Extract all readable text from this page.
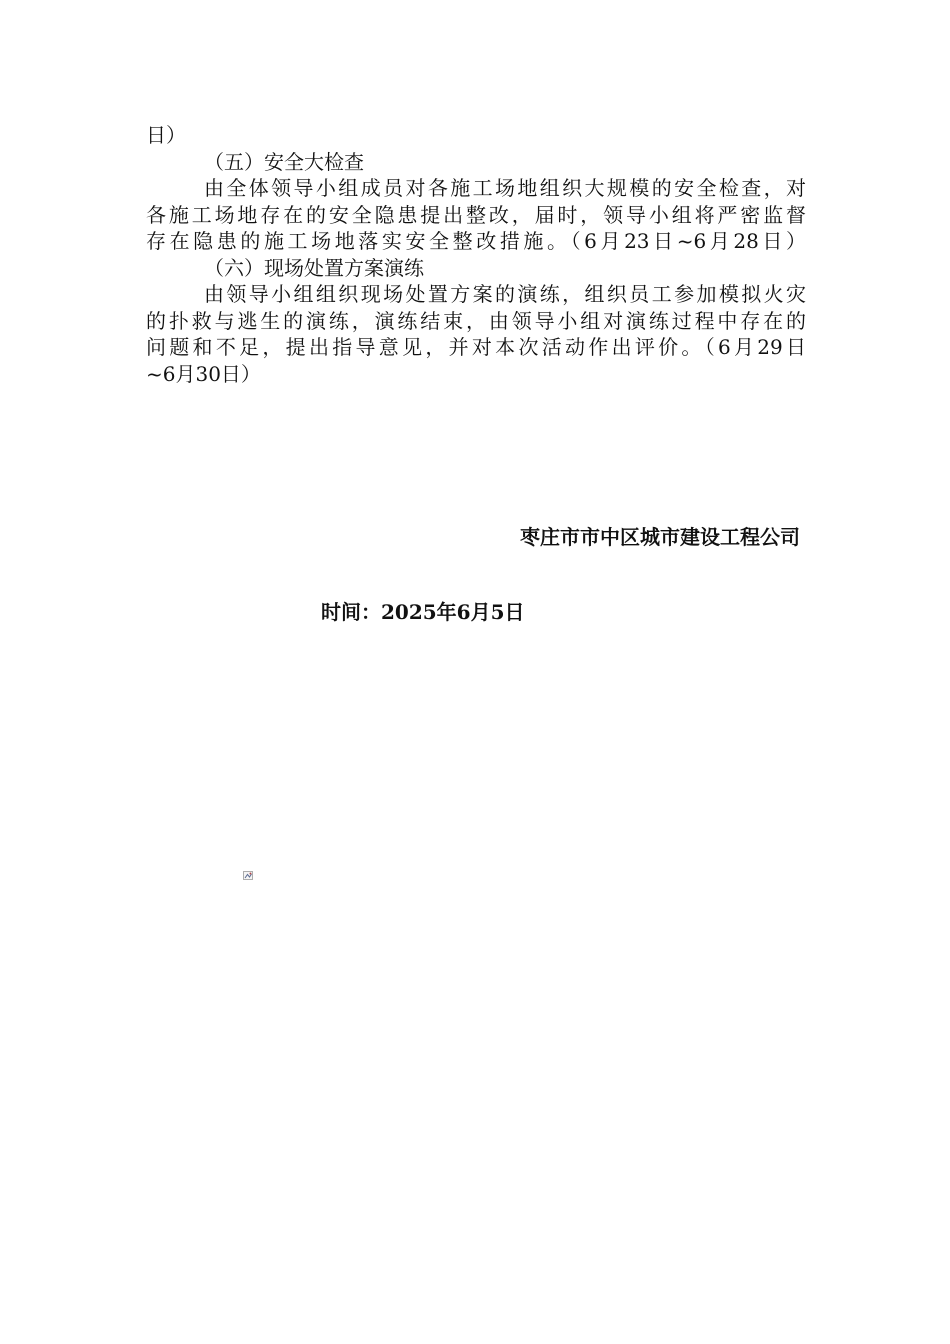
日）
（五）安全大检查
由全体领导小组成员对各施工场地组织大规模的安全检查，对
各施工场地存在的安全隐患提出整改，届时，领导小组将严密监督
存在隐患的施工场地落实安全整改措施。（6月23日~6月28日）
（六）现场处置方案演练
由领导小组组织现场处置方案的演练，组织员工参加模拟火灾
的扑救与逃生的演练，演练结束，由领导小组对演练过程中存在的
问题和不足，提出指导意见，并对本次活动作出评价。（6月29日
~6月30日）
枣庄市市中区城市建设工程公司
时间：2025年6月5日
